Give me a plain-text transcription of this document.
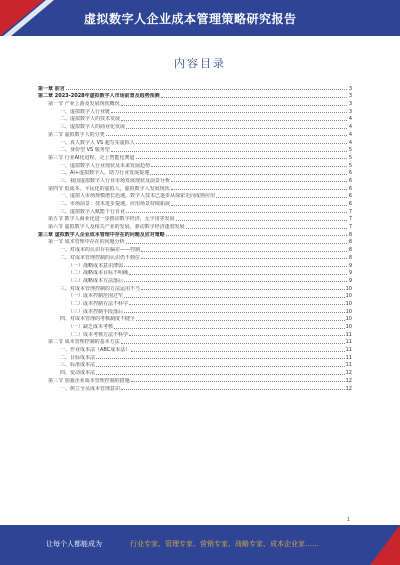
虚拟数字人企业成本管理策略研究报告
内容目录
第一章 前言	3
第二章 2023-2028年虚拟数字人市场前景及趋势预测	3
第一节 产业上游及发展现状概况	3
一、虚拟数字人行业链	3
二、虚拟数字人的技术发展	4
三、虚拟数字人的商业化发展	4
第二节 虚拟数字人的分类	4
一、真人数字人 VS 超写实虚拟人	4
二、身份型 VS 服务型	5
第三节 行业AI化进程，走上智能化赛道	5
一、虚拟数字人行业现状及未来发展趋势	5
二、AI+虚拟数字人，助力行业发展提速	6
三、我国虚拟数字人行业市场发展现状及前景分析	6
第四节 低成本、平民化的虚拟人，虚拟数字人发展现状	6
一、虚拟人市场规模增长迅速，数字人技术已逐步从探索走向成熟应用	6
二、市场前景：技术进步提速，应用场景持续拓展	6
三、虚拟数字人赋能千行百业	7
第五节 数字人商业化进一步推动数字经济，元宇宙等发展	7
第六节 虚拟数字人及相关产业的发展，驱动数字经济蓬勃发展	7
第三章 虚拟数字人企业成本管理中存在的问题及应对策略	8
第一节 成本管理中存在的问题分析	8
一、对成本的认识存在偏差——控制	8
二、对成本管理控制的认识仍不到位	8
（一）战略成本意识薄弱	9
（二）战略成本目标不明确	9
（三）战略成本方法落后	9
三、对成本管理控制的方法运用不当	10
（一）成本控制范围过窄	10
（二）成本控制方法不科学	10
（三）成本控制手段落后	10
四、对成本管理的考核制度不健全	10
（一）缺乏成本考核	10
（二）成本考核方法不科学	11
第二节 成本管理控制的基本方法	11
一、作业成本法（ABC成本法）	11
二、目标成本法	11
三、标准成本法	11
四、变动成本法	12
第三节 加强企业成本管理控制的措施	12
一、树立全员成本管理意识	12
1
让每个人都能成为	行业专家、管理专家、营销专家、战略专家、成本企业家……
